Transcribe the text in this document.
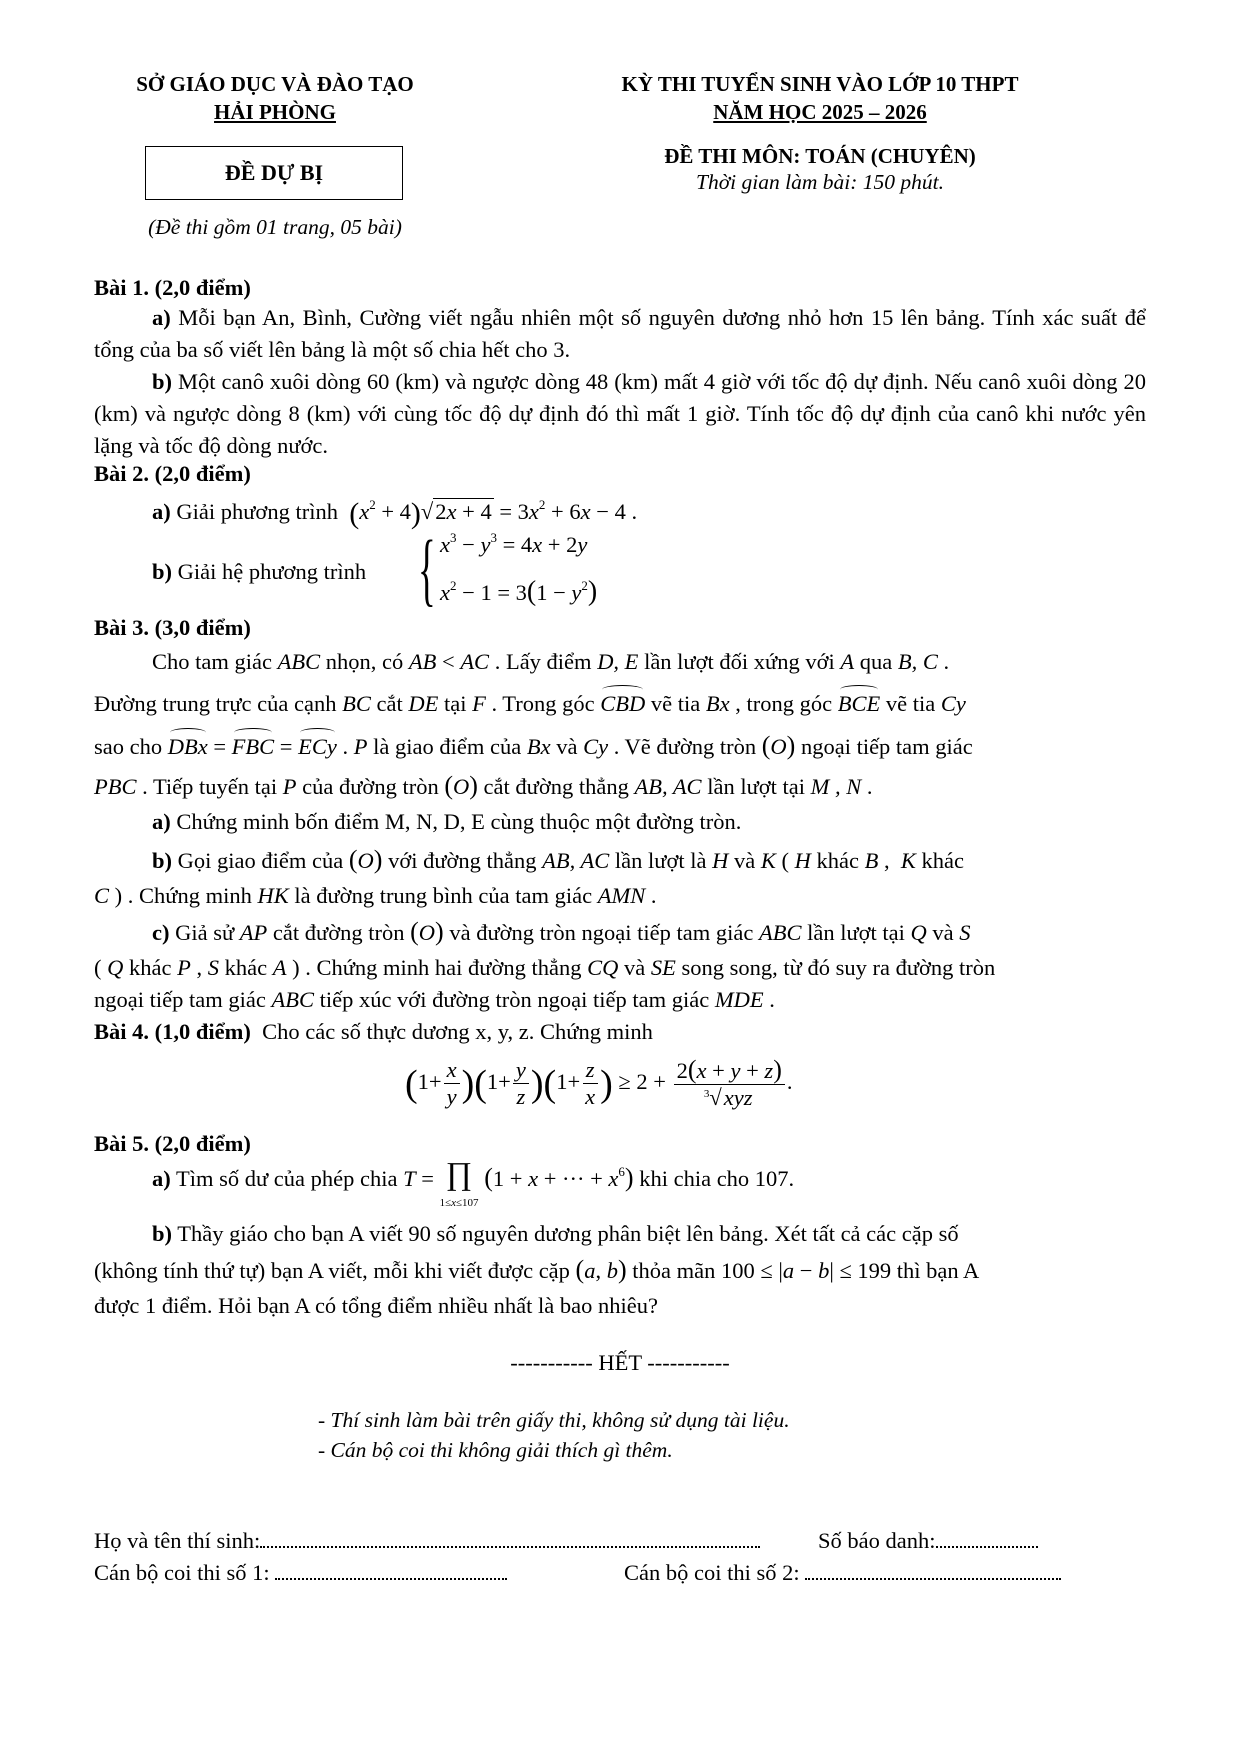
SỞ GIÁO DỤC VÀ ĐÀO TẠO
HẢI PHÒNG
ĐỀ DỰ BỊ
(Đề thi gồm 01 trang, 05 bài)
KỲ THI TUYỂN SINH VÀO LỚP 10 THPT
NĂM HỌC 2025 – 2026
ĐỀ THI MÔN: TOÁN (CHUYÊN)
Thời gian làm bài: 150 phút.
Bài 1. (2,0 điểm)
a) Mỗi bạn An, Bình, Cường viết ngẫu nhiên một số nguyên dương nhỏ hơn 15 lên bảng. Tính xác suất để tổng của ba số viết lên bảng là một số chia hết cho 3.
b) Một canô xuôi dòng 60 (km) và ngược dòng 48 (km) mất 4 giờ với tốc độ dự định. Nếu canô xuôi dòng 20 (km) và ngược dòng 8 (km) với cùng tốc độ dự định đó thì mất 1 giờ. Tính tốc độ dự định của canô khi nước yên lặng và tốc độ dòng nước.
Bài 2. (2,0 điểm)
a) Giải phương trình $(x^2 + 4)√2x + 4 = 3x^2 + 6x - 4$ .
b) Giải hệ phương trình { $x^3 - y^3 = 4x + 2y$
$x^2 - 1 = 3(1 - y^2)$
Bài 3. (3,0 điểm)
Cho tam giác ABC nhọn, có AB < AC . Lấy điểm D, E lần lượt đối xứng với A qua B, C .
Đường trung trực của cạnh BC cắt DE tại F . Trong góc CBD vẽ tia Bx , trong góc BCE vẽ tia Cy
sao cho DBx = FBC = ECy . P là giao điểm của Bx và Cy . Vẽ đường tròn (O) ngoại tiếp tam giác
PBC . Tiếp tuyến tại P của đường tròn (O) cắt đường thẳng AB, AC lần lượt tại M , N .
a) Chứng minh bốn điểm M, N, D, E cùng thuộc một đường tròn.
b) Gọi giao điểm của (O) với đường thẳng AB, AC lần lượt là H và K ( H khác B ,  K khác
C ) . Chứng minh HK là đường trung bình của tam giác AMN .
c) Giả sử AP cắt đường tròn (O) và đường tròn ngoại tiếp tam giác ABC lần lượt tại Q và S
( Q khác P , S khác A ) . Chứng minh hai đường thẳng CQ và SE song song, từ đó suy ra đường tròn
ngoại tiếp tam giác ABC tiếp xúc với đường tròn ngoại tiếp tam giác MDE .
Bài 4. (1,0 điểm) Cho các số thực dương x, y, z. Chứng minh
$(1+ \frac{x}{y} )(1+ \frac{y}{z} )(1+ \frac{z}{x}$ ) ≥ $2 + \frac{2(x + y + z)}{^3√xyz}$ .
Bài 5. (2,0 điểm)
a) Tìm số dư của phép chia T = ∏
1≤x≤107 (1 + x + ··· + $x^6$) khi chia cho 107.
b) Thầy giáo cho bạn A viết 90 số nguyên dương phân biệt lên bảng. Xét tất cả các cặp số
(không tính thứ tự) bạn A viết, mỗi khi viết được cặp (a, b) thỏa mãn 100 ≤ |a − b| ≤ 199 thì bạn A
được 1 điểm. Hỏi bạn A có tổng điểm nhiều nhất là bao nhiêu?
----------- HẾT -----------
- Thí sinh làm bài trên giấy thi, không sử dụng tài liệu.
- Cán bộ coi thi không giải thích gì thêm.
Họ và tên thí sinh:	Số báo danh:
Cán bộ coi thi số 1:	Cán bộ coi thi số 2:
